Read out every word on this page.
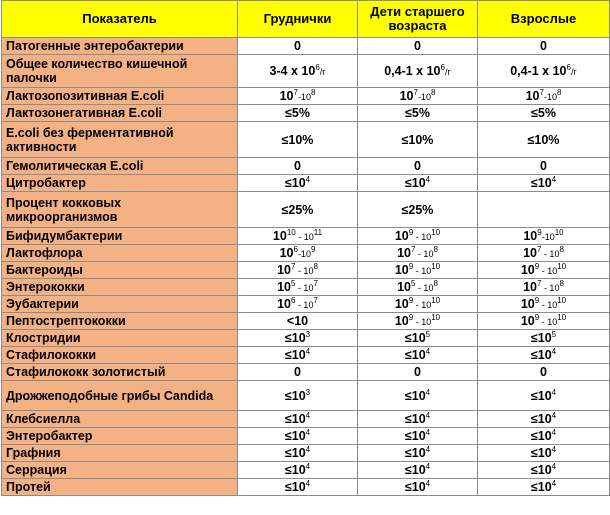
Показатель	Груднички	Дети старшего возраста	Взрослые
Патогенные энтеробактерии	0	0	0
Общее количество кишечной палочки	3-4 x $10^6/г$	0,4-1 x $10^6/г$	0,4-1 x $10^6/г$
Лактозопозитивная E.coli	$10^7-10^8$	$10^7-10^8$	$10^7-10^8$
Лактозонегативная E.coli	≤5%	≤5%	≤5%
E.coli без ферментативной активности	≤10%	≤10%	≤10%
Гемолитическая E.coli	0	0	0
Цитробактер	$\le 10^4$	$\le 10^4$	$\le 10^4$
Процент кокковых микроорганизмов	≤25%	≤25%	
Бифидумбактерии	$10^{10} - 10^{11}$	$10^9 - 10^{10}$	$10^9-10^{10}$
Лактофлора	$10^6-10^9$	$10^7 - 10^8$	$10^7 - 10^8$
Бактероиды	$10^7 - 10^8$	$10^9 - 10^{10}$	$10^9 - 10^{10}$
Энтерококки	$10^5 - 10^7$	$10^5 - 10^8$	$10^7 - 10^8$
Эубактерии	$10^6 - 10^7$	$10^9 - 10^{10}$	$10^9 - 10^{10}$
Пептострептококки	<10	$10^9 - 10^{10}$	$10^9 - 10^{10}$
Клостридии	$\le 10^3$	$\le 10^5$	$\le 10^5$
Стафилококки	$\le 10^4$	$\le 10^4$	$\le 10^4$
Стафилококк золотистый	0	0	0
Дрожжеподобные грибы Candida	$\le 10^3$	$\le 10^4$	$\le 10^4$
Клебсиелла	$\le 10^4$	$\le 10^4$	$\le 10^4$
Энтеробактер	$\le 10^4$	$\le 10^4$	$\le 10^4$
Графния	$\le 10^4$	$\le 10^4$	$\le 10^4$
Серрация	$\le 10^4$	$\le 10^4$	$\le 10^4$
Протей	$\le 10^4$	$\le 10^4$	$\le 10^4$
